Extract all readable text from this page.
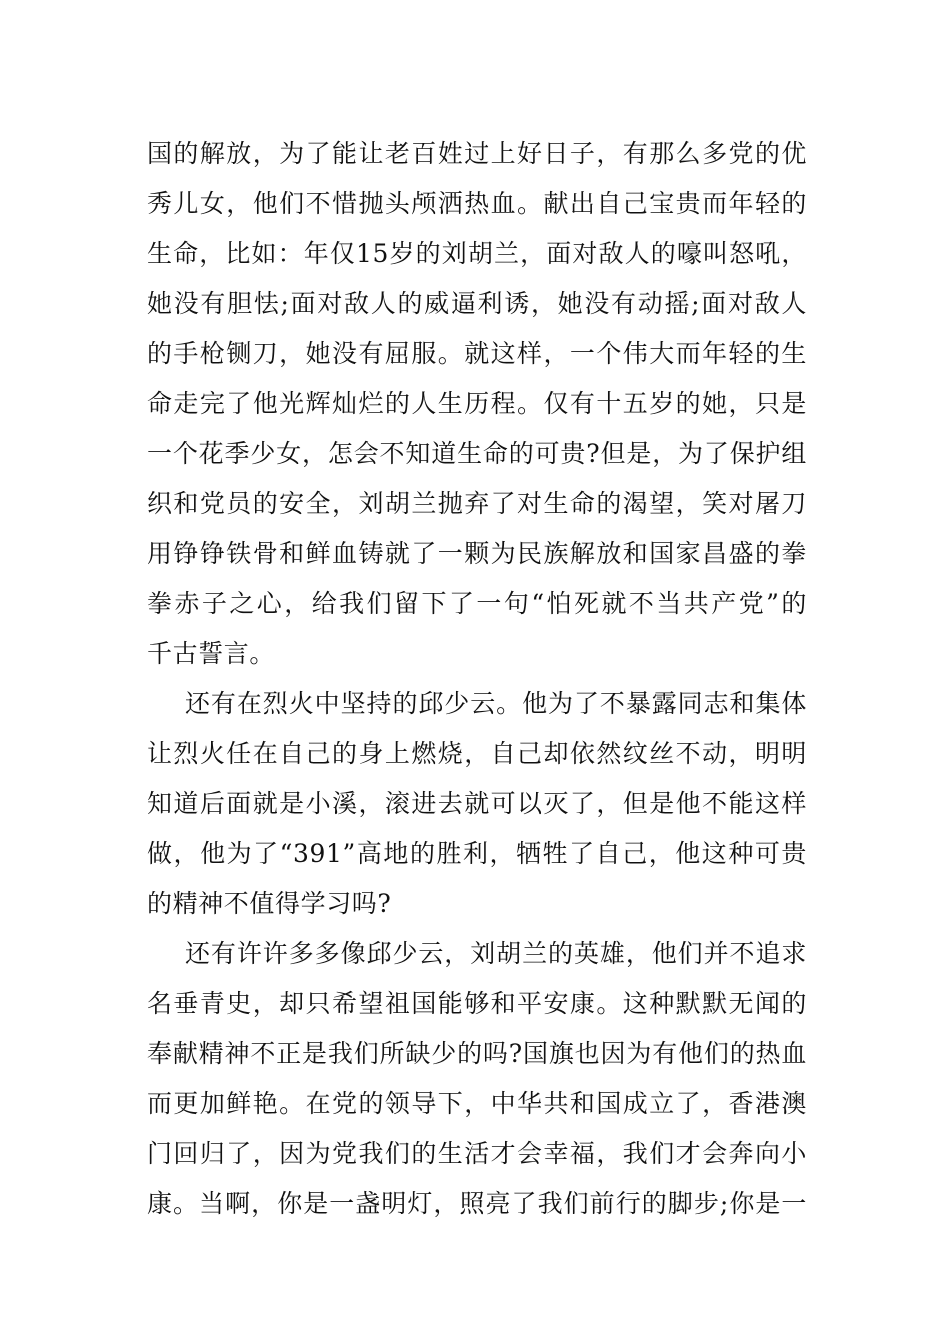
国的解放，为了能让老百姓过上好日子，有那么多党的优
秀儿女，他们不惜抛头颅洒热血。献出自己宝贵而年轻的
生命，比如：年仅15岁的刘胡兰，面对敌人的嚎叫怒吼，
她没有胆怯;面对敌人的威逼利诱，她没有动摇;面对敌人
的手枪铡刀，她没有屈服。就这样，一个伟大而年轻的生
命走完了他光辉灿烂的人生历程。仅有十五岁的她，只是
一个花季少女，怎会不知道生命的可贵?但是，为了保护组
织和党员的安全，刘胡兰抛弃了对生命的渴望，笑对屠刀
用铮铮铁骨和鲜血铸就了一颗为民族解放和国家昌盛的拳
拳赤子之心，给我们留下了一句“怕死就不当共产党”的
千古誓言。
还有在烈火中坚持的邱少云。他为了不暴露同志和集体
让烈火任在自己的身上燃烧，自己却依然纹丝不动，明明
知道后面就是小溪，滚进去就可以灭了，但是他不能这样
做，他为了“391”高地的胜利，牺牲了自己，他这种可贵
的精神不值得学习吗?
还有许许多多像邱少云，刘胡兰的英雄，他们并不追求
名垂青史，却只希望祖国能够和平安康。这种默默无闻的
奉献精神不正是我们所缺少的吗?国旗也因为有他们的热血
而更加鲜艳。在党的领导下，中华共和国成立了，香港澳
门回归了，因为党我们的生活才会幸福，我们才会奔向小
康。当啊，你是一盏明灯，照亮了我们前行的脚步;你是一
